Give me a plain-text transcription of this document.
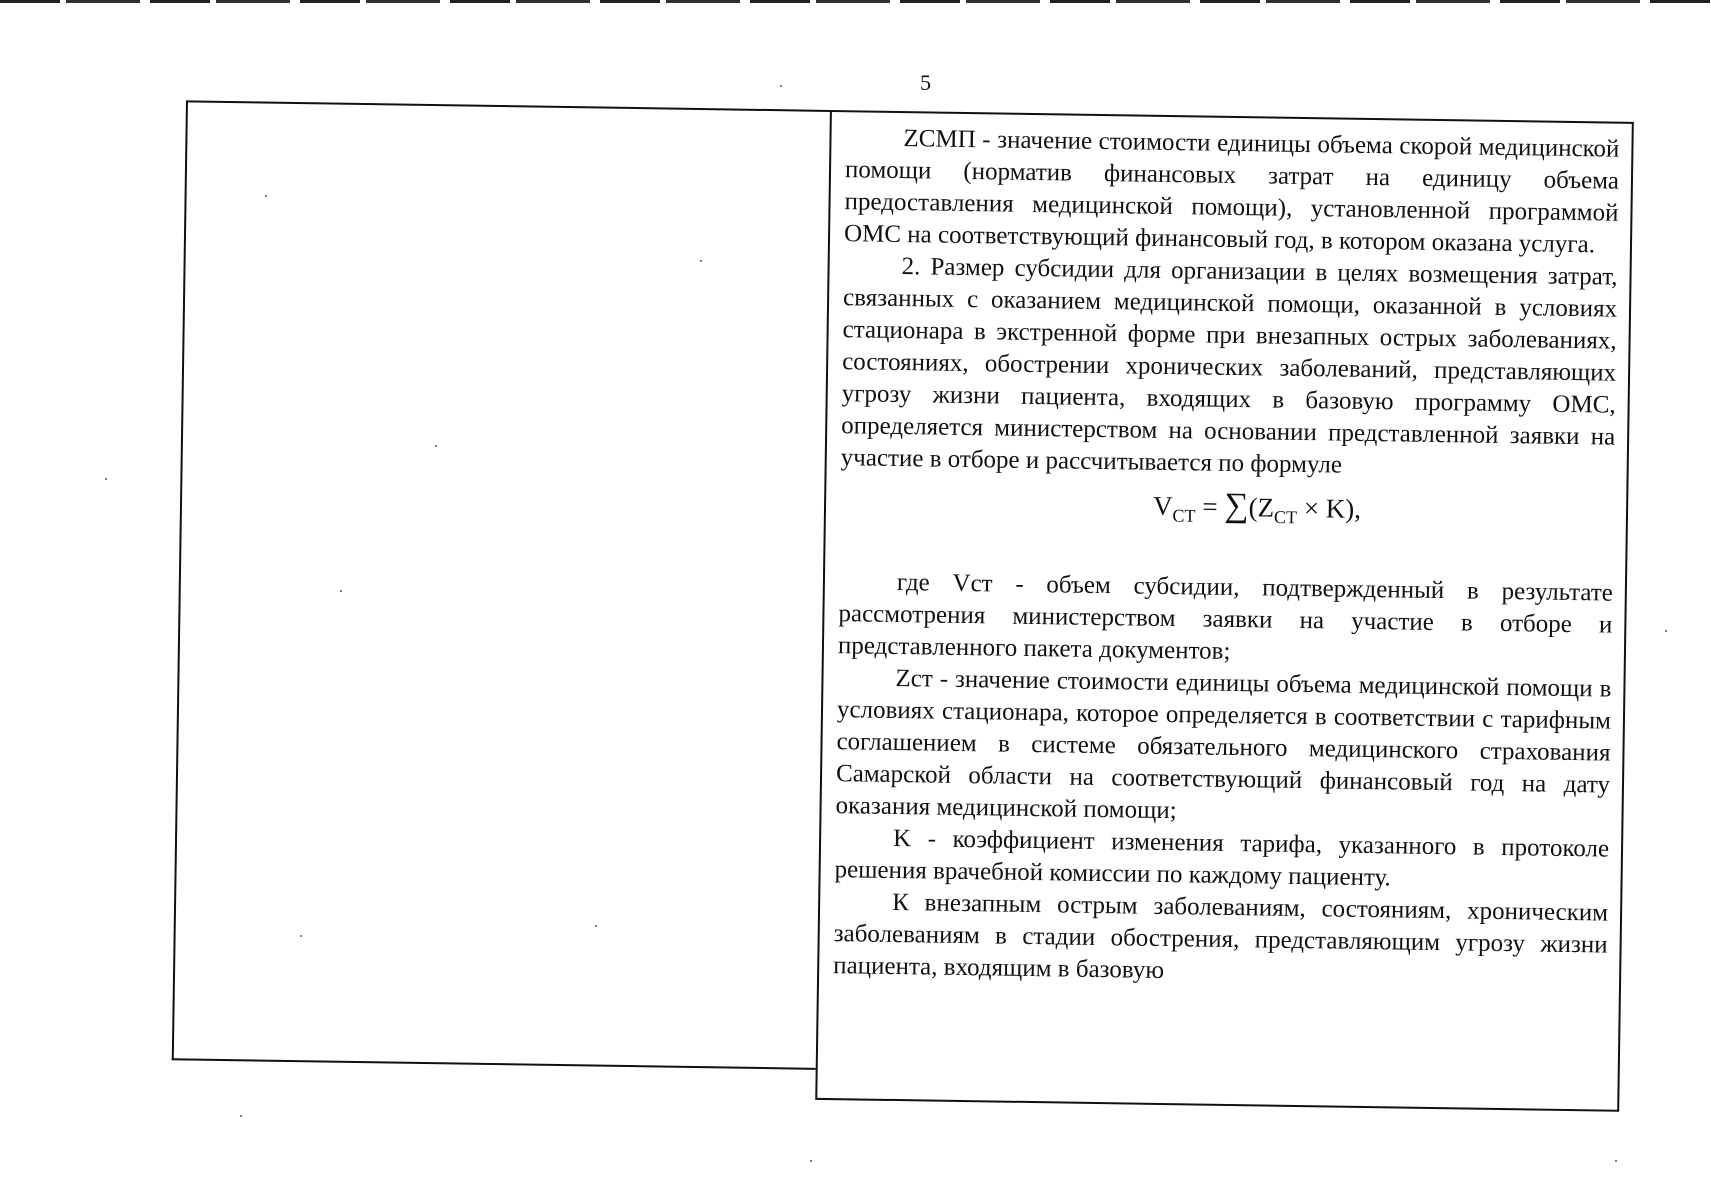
5

ZСМП - значение стоимости единицы объема скорой медицинской помощи (норматив финансовых затрат на единицу объема предоставления медицинской помощи), установленной программой ОМС на соответствующий финансовый год, в котором оказана услуга.

2. Размер субсидии для организации в целях возмещения затрат, связанных с оказанием медицинской помощи, оказанной в условиях стационара в экстренной форме при внезапных острых заболеваниях, состояниях, обострении хронических заболеваний, представляющих угрозу жизни пациента, входящих в базовую программу ОМС, определяется министерством на основании представленной заявки на участие в отборе и рассчитывается по формуле

$V_{СТ} = \sum(Z_{СТ} \times K)$,

где Vст - объем субсидии, подтвержденный в результате рассмотрения министерством заявки на участие в отборе и представленного пакета документов;

Zст - значение стоимости единицы объема медицинской помощи в условиях стационара, которое определяется в соответствии с тарифным соглашением в системе обязательного медицинского страхования Самарской области на соответствующий финансовый год на дату оказания медицинской помощи;

K - коэффициент изменения тарифа, указанного в протоколе решения врачебной комиссии по каждому пациенту.

К внезапным острым заболеваниям, состояниям, хроническим заболеваниям в стадии обострения, представляющим угрозу жизни пациента, входящим в базовую
